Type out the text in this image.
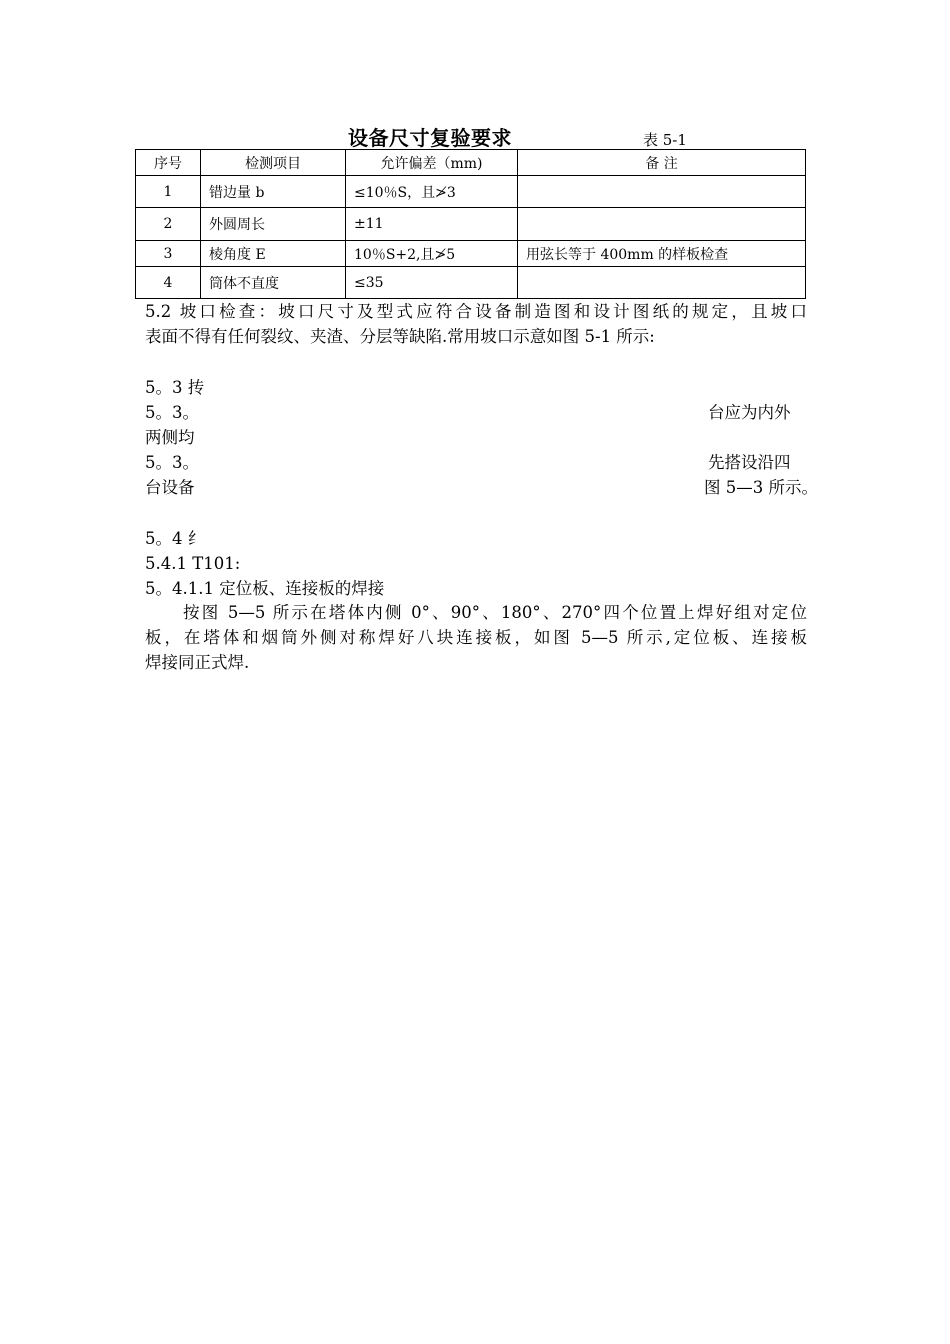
设备尺寸复验要求	表 5-1
序号	检测项目	允许偏差（mm)	备 注
1	错边量 b	≤10％S，且≯3	
2	外圆周长	±11	
3	棱角度 E	10％S+2,且≯5	用弦长等于 400mm 的样板检查
4	筒体不直度	≤35	
5.2 坡口检查：坡口尺寸及型式应符合设备制造图和设计图纸的规定，且坡口
表面不得有任何裂纹、夹渣、分层等缺陷.常用坡口示意如图 5-1 所示:
5。3 抟
5。3。	台应为内外
两侧均
5。3。	先搭设沿四
台设备	图 5—3 所示。
5。4 纟
5.4.1 T101:
5。4.1.1 定位板、连接板的焊接
按图 5—5 所示在塔体内侧 0°、90°、180°、270°四个位置上焊好组对定位
板，在塔体和烟筒外侧对称焊好八块连接板，如图 5—5 所示,定位板、连接板
焊接同正式焊.
